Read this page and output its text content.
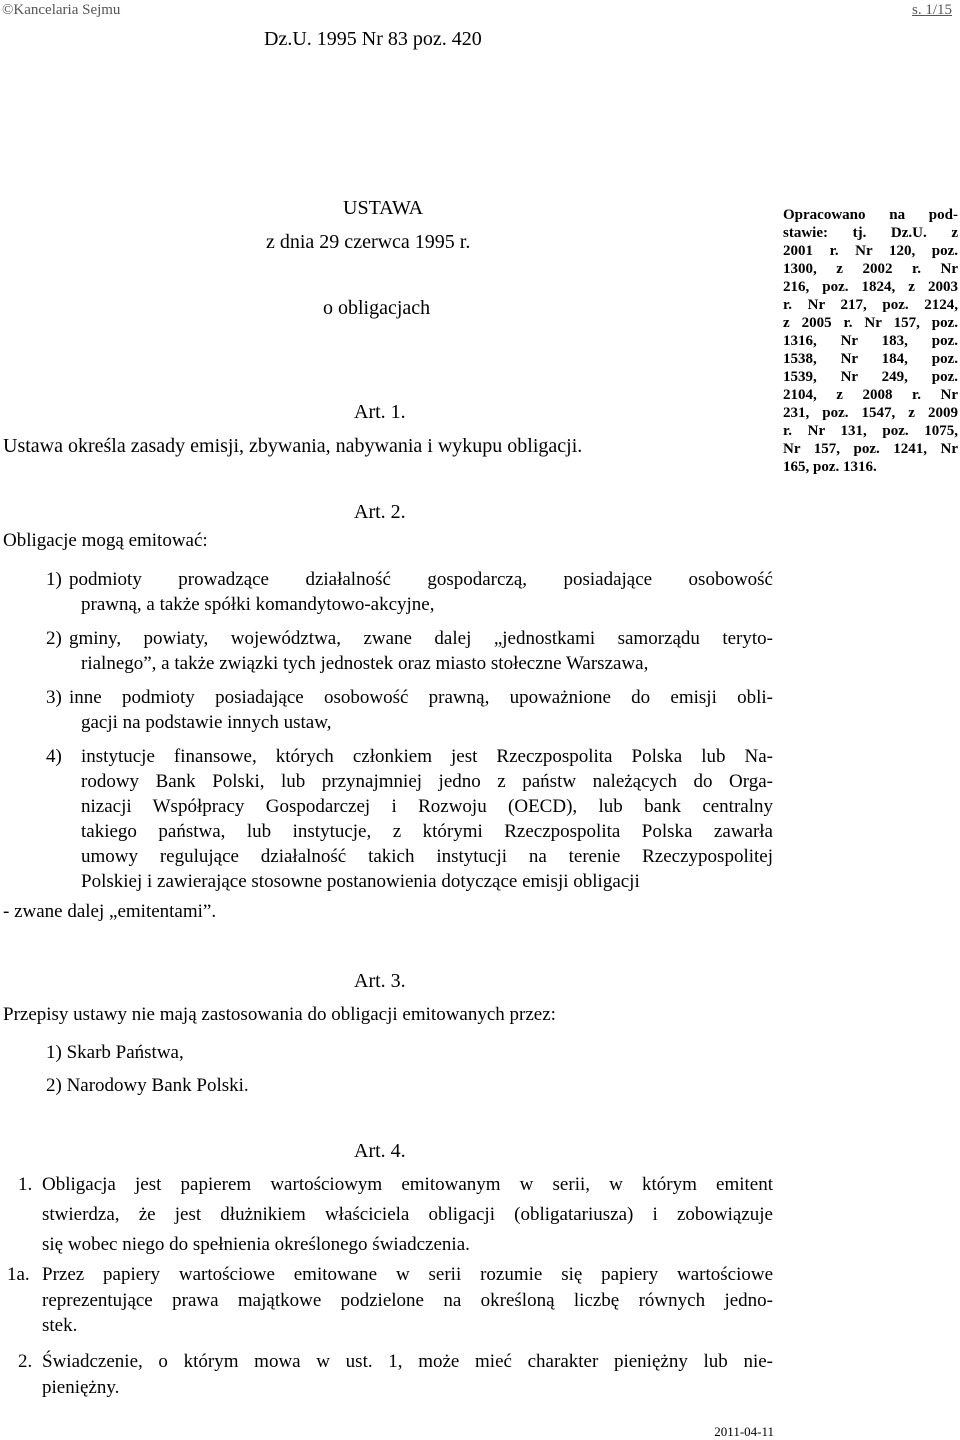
©Kancelaria Sejmu	s. 1/15
Dz.U. 1995 Nr 83 poz. 420
USTAWA
z dnia 29 czerwca 1995 r.
o obligacjach
Opracowano na pod-
stawie: tj. Dz.U. z
2001 r. Nr 120, poz.
1300, z 2002 r. Nr
216, poz. 1824, z 2003
r. Nr 217, poz. 2124,
z 2005 r. Nr 157, poz.
1316, Nr 183, poz.
1538, Nr 184, poz.
1539, Nr 249, poz.
2104, z 2008 r. Nr
231, poz. 1547, z 2009
r. Nr 131, poz. 1075,
Nr 157, poz. 1241, Nr
165, poz. 1316.
Art. 1.
Ustawa określa zasady emisji, zbywania, nabywania i wykupu obligacji.
Art. 2.
Obligacje mogą emitować:
1) podmioty prowadzące działalność gospodarczą, posiadające osobowość
prawną, a także spółki komandytowo-akcyjne,
2) gminy, powiaty, województwa, zwane dalej „jednostkami samorządu teryto-
rialnego”, a także związki tych jednostek oraz miasto stołeczne Warszawa,
3) inne podmioty posiadające osobowość prawną, upoważnione do emisji obli-
gacji na podstawie innych ustaw,
4) instytucje finansowe, których członkiem jest Rzeczpospolita Polska lub Na-
rodowy Bank Polski, lub przynajmniej jedno z państw należących do Orga-
nizacji Współpracy Gospodarczej i Rozwoju (OECD), lub bank centralny
takiego państwa, lub instytucje, z którymi Rzeczpospolita Polska zawarła
umowy regulujące działalność takich instytucji na terenie Rzeczypospolitej
Polskiej i zawierające stosowne postanowienia dotyczące emisji obligacji
- zwane dalej „emitentami”.
Art. 3.
Przepisy ustawy nie mają zastosowania do obligacji emitowanych przez:
1) Skarb Państwa,
2) Narodowy Bank Polski.
Art. 4.
1. Obligacja jest papierem wartościowym emitowanym w serii, w którym emitent
stwierdza, że jest dłużnikiem właściciela obligacji (obligatariusza) i zobowiązuje
się wobec niego do spełnienia określonego świadczenia.
1a. Przez papiery wartościowe emitowane w serii rozumie się papiery wartościowe
reprezentujące prawa majątkowe podzielone na określoną liczbę równych jedno-
stek.
2. Świadczenie, o którym mowa w ust. 1, może mieć charakter pieniężny lub nie-
pieniężny.
2011-04-11
